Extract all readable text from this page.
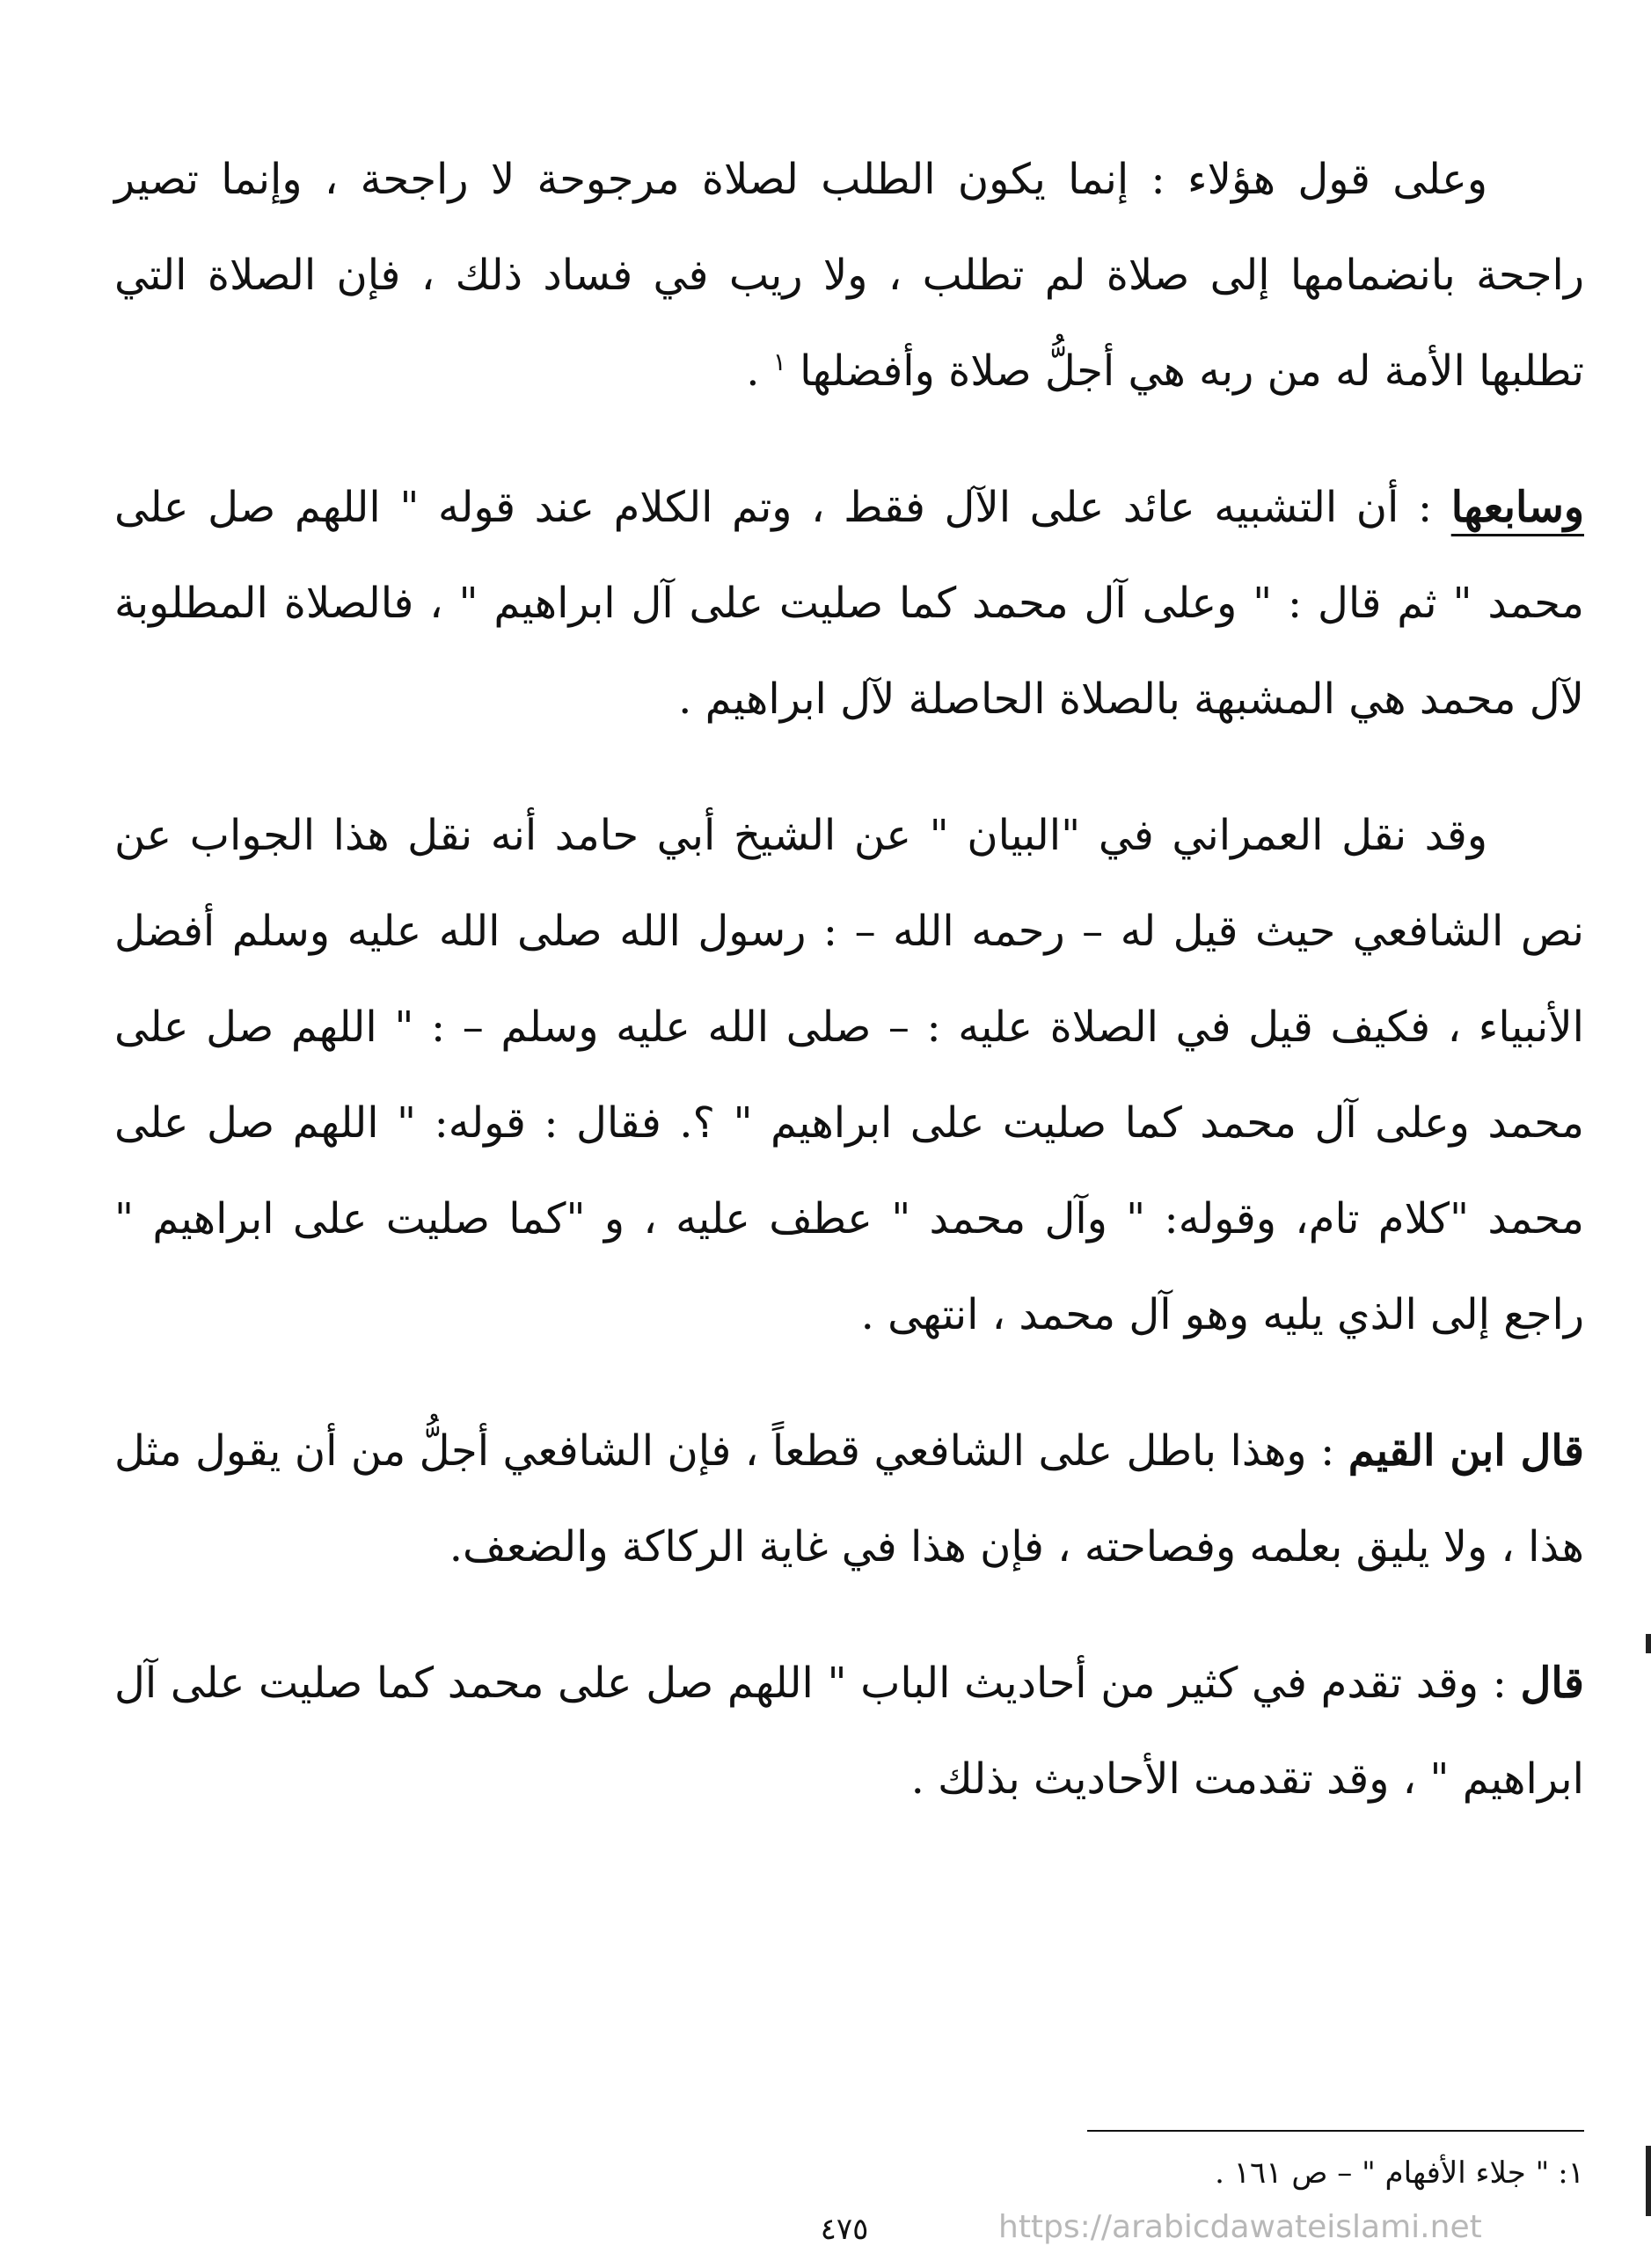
وعلى قول هؤلاء : إنما يكون الطلب لصلاة مرجوحة لا راجحة ، وإنما تصير راجحة بانضمامها إلى صلاة لم تطلب ، ولا ريب في فساد ذلك ، فإن الصلاة التي تطلبها الأمة له من ربه هي أجلُّ صلاة وأفضلها $^١$ .

وسابعها : أن التشبيه عائد على الآل فقط ، وتم الكلام عند قوله " اللهم صل على محمد " ثم قال : " وعلى آل محمد كما صليت على آل ابراهيم " ، فالصلاة المطلوبة لآل محمد هي المشبهة بالصلاة الحاصلة لآل ابراهيم .

وقد نقل العمراني في "البيان " عن الشيخ أبي حامد أنه نقل هذا الجواب عن نص الشافعي حيث قيل له – رحمه الله – : رسول الله صلى الله عليه وسلم أفضل الأنبياء ، فكيف قيل في الصلاة عليه : – صلى الله عليه وسلم – : " اللهم صل على محمد وعلى آل محمد كما صليت على ابراهيم " ؟. فقال : قوله: " اللهم صل على محمد "كلام تام، وقوله: " وآل محمد " عطف عليه ، و "كما صليت على ابراهيم " راجع إلى الذي يليه وهو آل محمد ، انتهى .

قال ابن القيم : وهذا باطل على الشافعي قطعاً ، فإن الشافعي أجلُّ من أن يقول مثل هذا ، ولا يليق بعلمه وفصاحته ، فإن هذا في غاية الركاكة والضعف.

قال : وقد تقدم في كثير من أحاديث الباب " اللهم صل على محمد كما صليت على آل ابراهيم " ، وقد تقدمت الأحاديث بذلك .

١:" جلاء الأفهام " – ص ١٦١ .
٤٧٥	https://arabicdawateislami.net
